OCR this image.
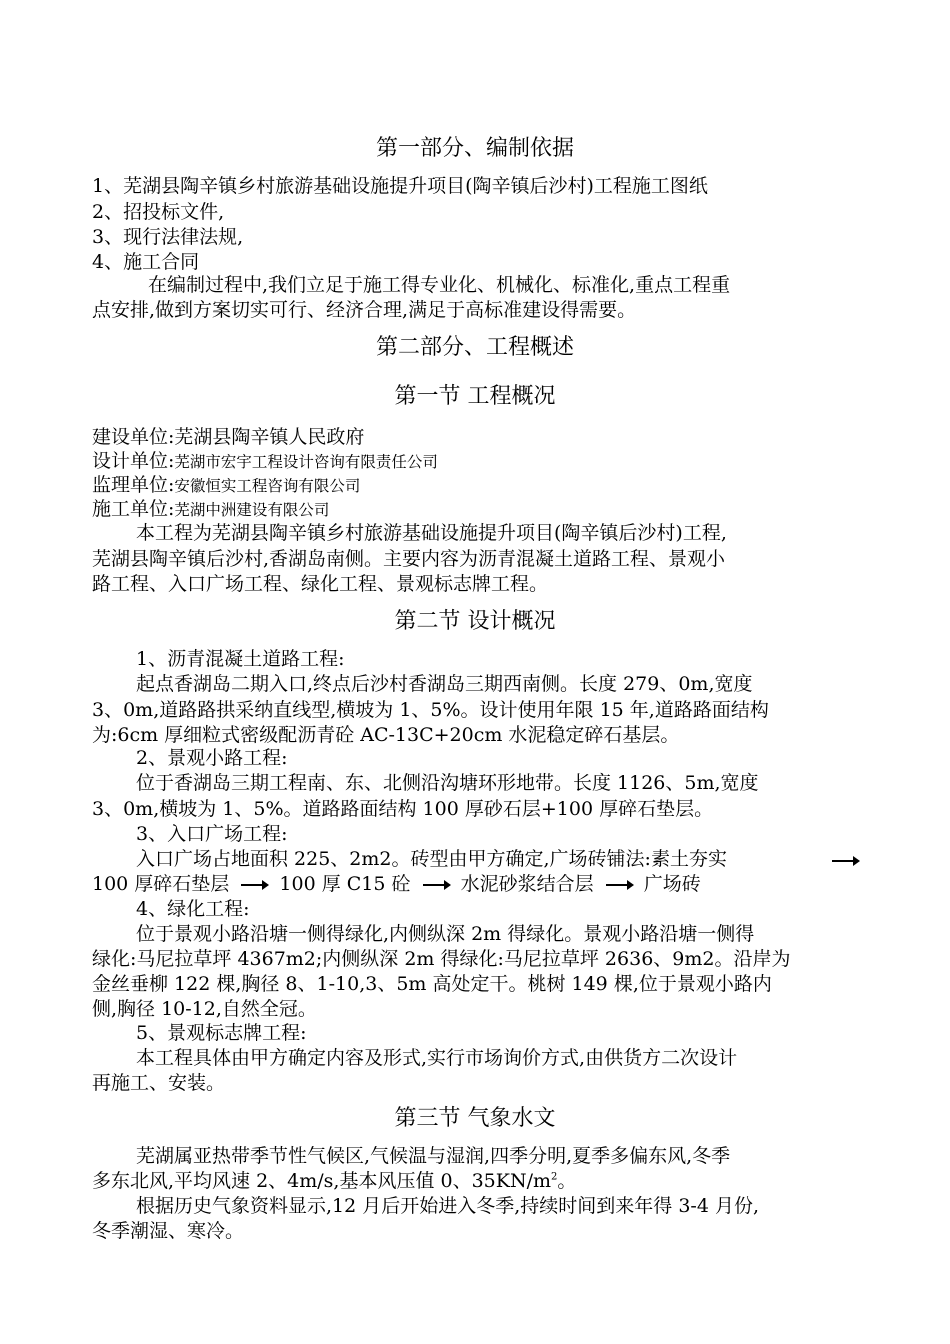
第一部分、编制依据
1、芜湖县陶辛镇乡村旅游基础设施提升项目(陶辛镇后沙村)工程施工图纸
2、招投标文件,
3、现行法律法规,
4、施工合同
在编制过程中,我们立足于施工得专业化、机械化、标准化,重点工程重
点安排,做到方案切实可行、经济合理,满足于高标准建设得需要。
第二部分、工程概述
第一节 工程概况
建设单位:芜湖县陶辛镇人民政府
设计单位:芜湖市宏宇工程设计咨询有限责任公司
监理单位:安徽恒实工程咨询有限公司
施工单位:芜湖中洲建设有限公司
本工程为芜湖县陶辛镇乡村旅游基础设施提升项目(陶辛镇后沙村)工程,
芜湖县陶辛镇后沙村,香湖岛南侧。主要内容为沥青混凝土道路工程、景观小
路工程、入口广场工程、绿化工程、景观标志牌工程。
第二节 设计概况
1、沥青混凝土道路工程:
起点香湖岛二期入口,终点后沙村香湖岛三期西南侧。长度 279、0m,宽度
3、0m,道路路拱采纳直线型,横坡为 1、5%。设计使用年限 15 年,道路路面结构
为:6cm 厚细粒式密级配沥青砼 AC-13C+20cm 水泥稳定碎石基层。
2、景观小路工程:
位于香湖岛三期工程南、东、北侧沿沟塘环形地带。长度 1126、5m,宽度
3、0m,横坡为 1、5%。道路路面结构 100 厚砂石层+100 厚碎石垫层。
3、入口广场工程:
入口广场占地面积 225、2m2。砖型由甲方确定,广场砖铺法:素土夯实
100 厚碎石垫层	100 厚 C15 砼	水泥砂浆结合层	广场砖
4、绿化工程:
位于景观小路沿塘一侧得绿化,内侧纵深 2m 得绿化。景观小路沿塘一侧得
绿化:马尼拉草坪 4367m2;内侧纵深 2m 得绿化:马尼拉草坪 2636、9m2。沿岸为
金丝垂柳 122 棵,胸径 8、1-10,3、5m 高处定干。桃树 149 棵,位于景观小路内
侧,胸径 10-12,自然全冠。
5、景观标志牌工程:
本工程具体由甲方确定内容及形式,实行市场询价方式,由供货方二次设计
再施工、安装。
第三节 气象水文
芜湖属亚热带季节性气候区,气候温与湿润,四季分明,夏季多偏东风,冬季
多东北风,平均风速 2、4m/s,基本风压值 0、$35KN/m^2$。
根据历史气象资料显示,12 月后开始进入冬季,持续时间到来年得 3-4 月份,
冬季潮湿、寒冷。
